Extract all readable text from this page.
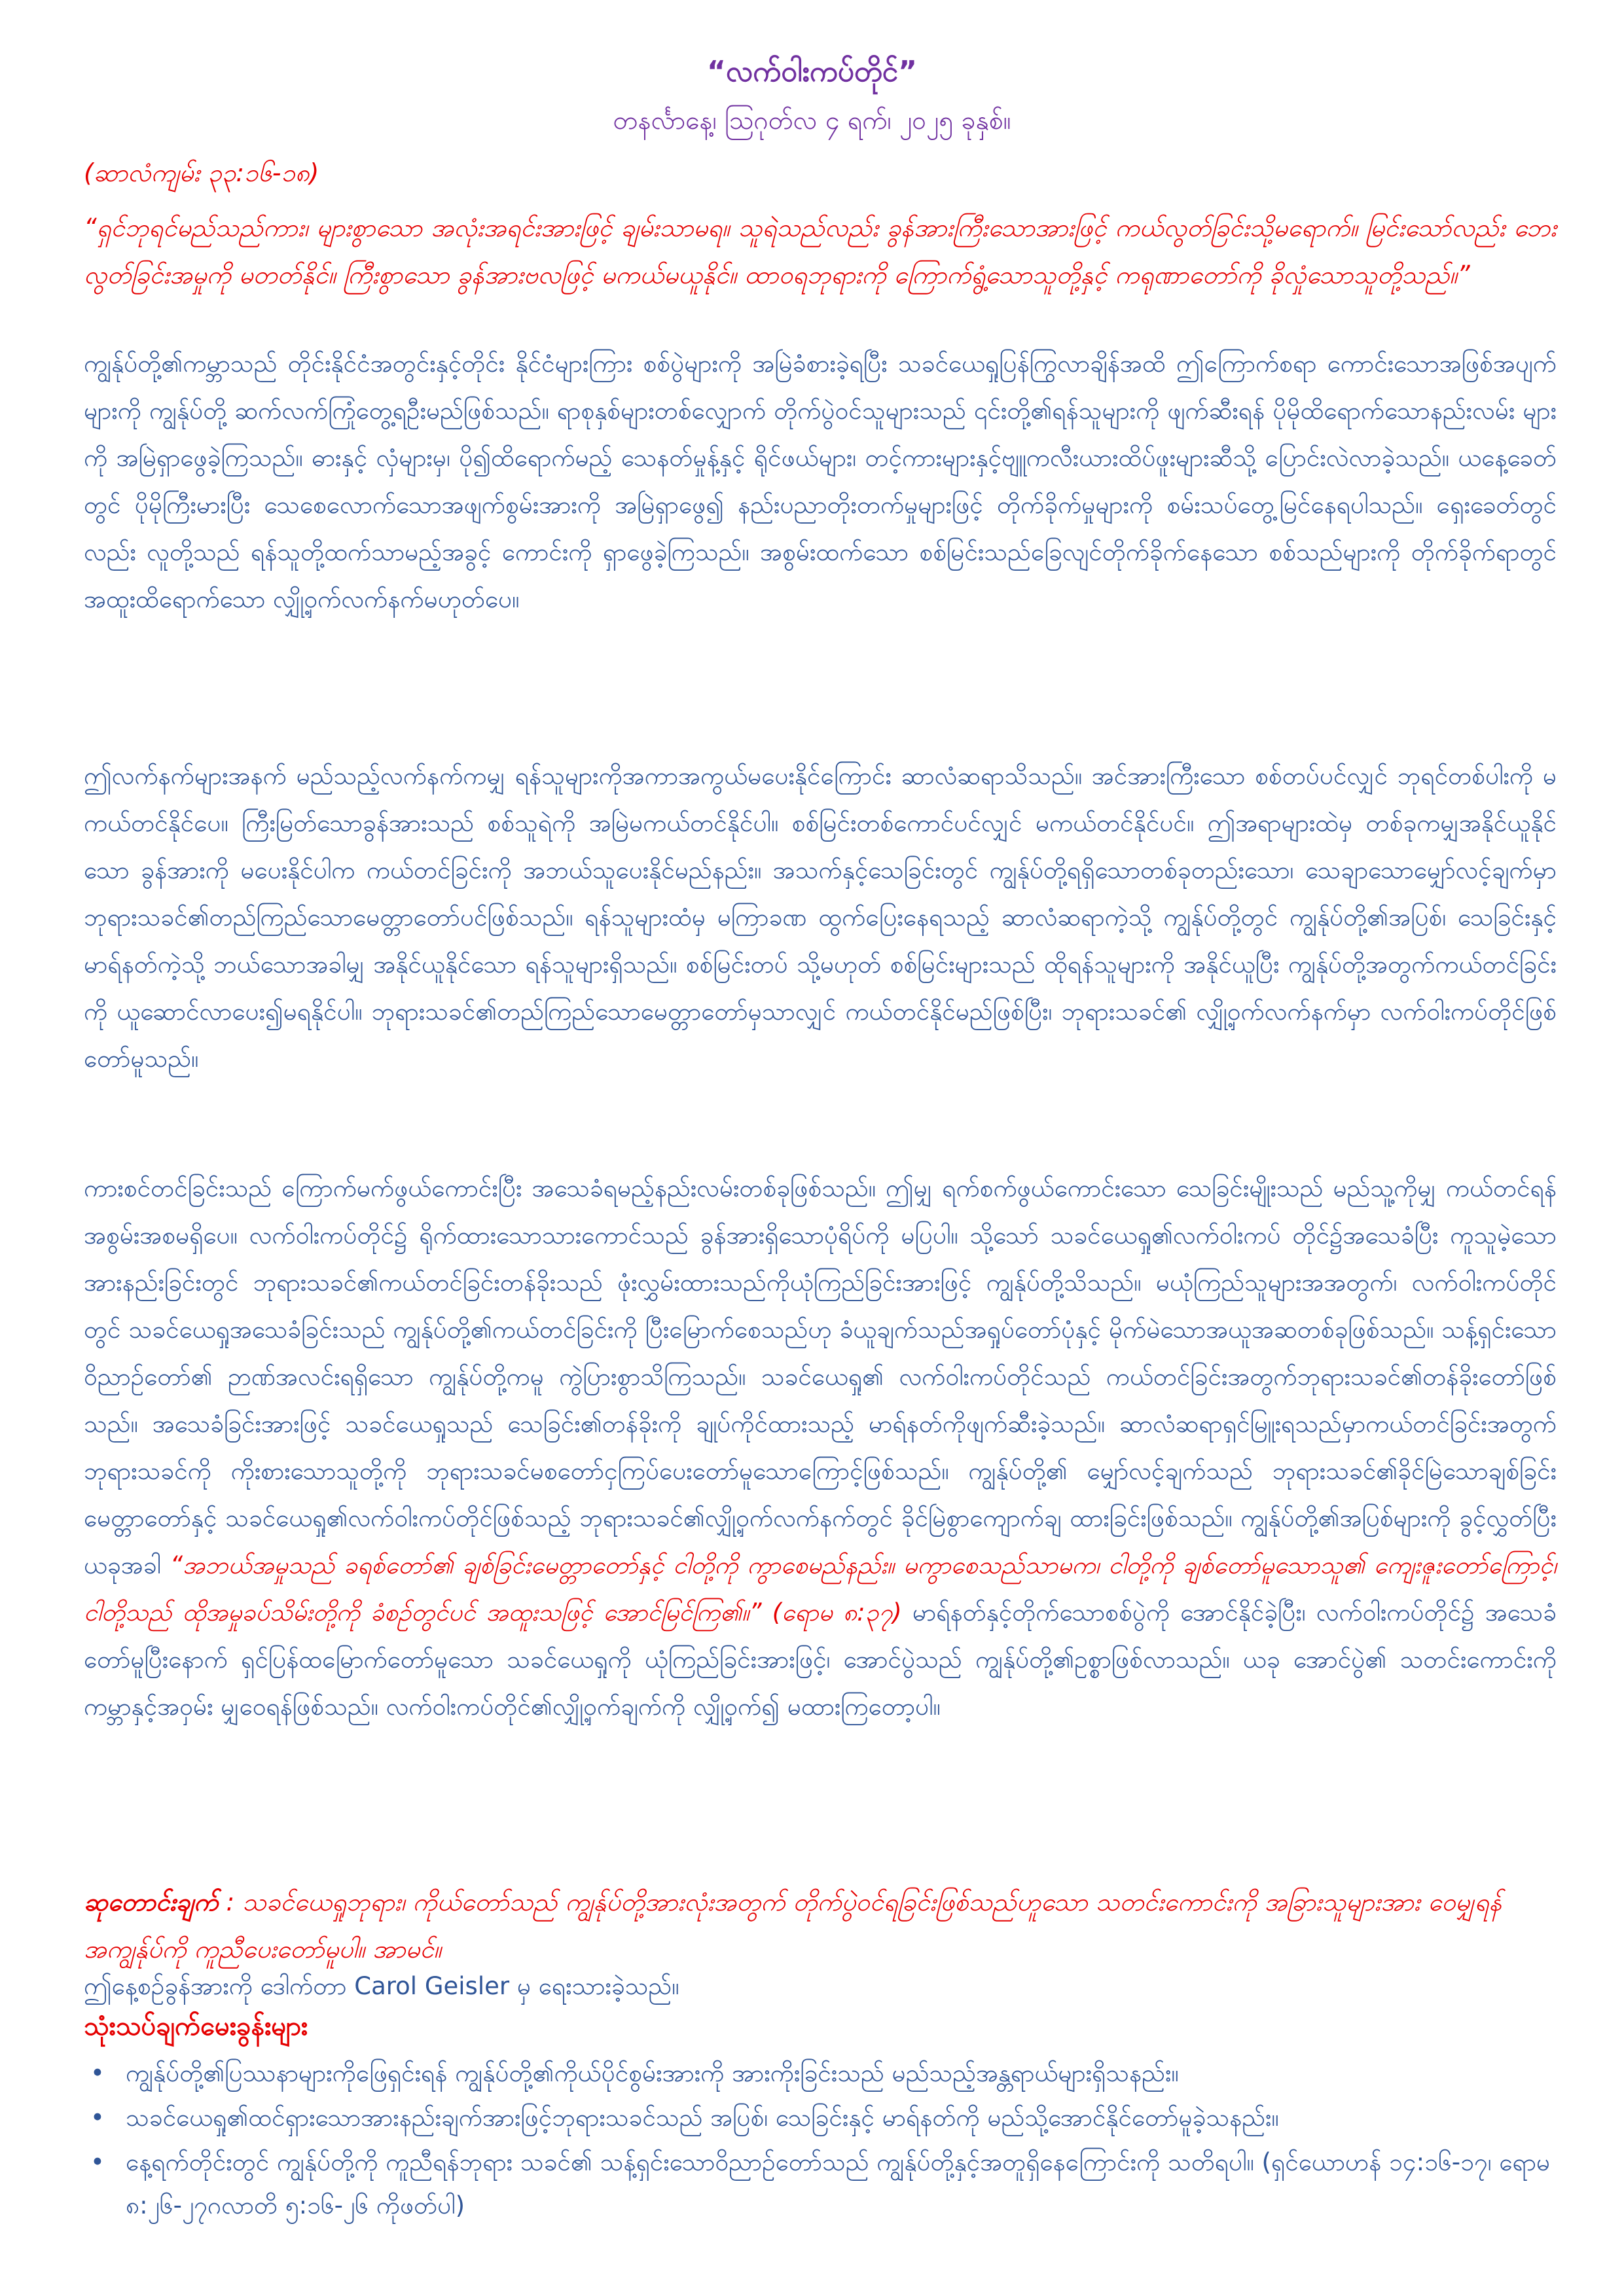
“လက်ဝါးကပ်တိုင်”
တနင်္လာနေ့၊ ဩဂုတ်လ ၄ ရက်၊ ၂၀၂၅ ခုနှစ်။
(ဆာလံကျမ်း ၃၃:၁၆-၁၈)
“ရှင်ဘုရင်မည်သည်ကား၊ များစွာသော အလုံးအရင်းအားဖြင့် ချမ်းသာမရ။ သူရဲသည်လည်း ခွန်အားကြီးသောအားဖြင့် ကယ်လွတ်ခြင်းသို့မရောက်။ မြင်းသော်လည်း ဘေးလွတ်ခြင်းအမှုကို မတတ်နိုင်။ ကြီးစွာသော ခွန်အားဗလဖြင့် မကယ်မယူနိုင်။ ထာဝရဘုရားကို ကြောက်ရွံ့သောသူတို့နှင့် ကရုဏာတော်ကို ခိုလှုံသောသူတို့သည်။”
ကျွန်ုပ်တို့၏ကမ္ဘာသည် တိုင်းနိုင်ငံအတွင်းနှင့်တိုင်း နိုင်ငံများကြား စစ်ပွဲများကို အမြဲခံစားခဲ့ရပြီး သခင်ယေရှုပြန်ကြွလာချိန်အထိ ဤကြောက်စရာ ကောင်းသောအဖြစ်အပျက်များကို ကျွန်ုပ်တို့ ဆက်လက်ကြုံတွေ့ရဦးမည်ဖြစ်သည်။ ရာစုနှစ်များတစ်လျှောက် တိုက်ပွဲဝင်သူများသည် ၎င်းတို့၏ရန်သူများကို ဖျက်ဆီးရန် ပိုမိုထိရောက်သောနည်းလမ်း များကို အမြဲရှာဖွေခဲ့ကြသည်။ ဓားနှင့် လှံများမှ၊ ပို၍ထိရောက်မည့် သေနတ်မှုန့်နှင့် ရိုင်ဖယ်များ၊ တင့်ကားများနှင့်ဗျူကလီးယားထိပ်ဖူးများဆီသို့ ပြောင်းလဲလာခဲ့သည်။ ယနေ့ခေတ်တွင် ပိုမိုကြီးမားပြီး သေစေလောက်သောအဖျက်စွမ်းအားကို အမြဲရှာဖွေ၍ နည်းပညာတိုးတက်မှုများဖြင့် တိုက်ခိုက်မှုများကို စမ်းသပ်တွေ့မြင်နေရပါသည်။ ရှေးခေတ်တွင်လည်း လူတို့သည် ရန်သူတို့ထက်သာမည့်အခွင့် ကောင်းကို ရှာဖွေခဲ့ကြသည်။ အစွမ်းထက်သော စစ်မြင်းသည်ခြေလျင်တိုက်ခိုက်နေသော စစ်သည်များကို တိုက်ခိုက်ရာတွင် အထူးထိရောက်သော လျှို့ဝှက်လက်နက်မဟုတ်ပေ။
ဤလက်နက်များအနက် မည်သည့်လက်နက်ကမျှ ရန်သူများကိုအကာအကွယ်မပေးနိုင်ကြောင်း ဆာလံဆရာသိသည်။ အင်အားကြီးသော စစ်တပ်ပင်လျှင် ဘုရင်တစ်ပါးကို မကယ်တင်နိုင်ပေ။ ကြီးမြတ်သောခွန်အားသည် စစ်သူရဲကို အမြဲမကယ်တင်နိုင်ပါ။ စစ်မြင်းတစ်ကောင်ပင်လျှင် မကယ်တင်နိုင်ပင်။ ဤအရာများထဲမှ တစ်ခုကမျှအနိုင်ယူနိုင်သော ခွန်အားကို မပေးနိုင်ပါက ကယ်တင်ခြင်းကို အဘယ်သူပေးနိုင်မည်နည်း။ အသက်နှင့်သေခြင်းတွင် ကျွန်ုပ်တို့ရရှိသောတစ်ခုတည်းသော၊ သေချာသောမျှော်လင့်ချက်မှာ ဘုရားသခင်၏တည်ကြည်သောမေတ္တာတော်ပင်ဖြစ်သည်။ ရန်သူများထံမှ မကြာခဏ ထွက်ပြေးနေရသည့် ဆာလံဆရာကဲ့သို့ ကျွန်ုပ်တို့တွင် ကျွန်ုပ်တို့၏အပြစ်၊ သေခြင်းနှင့် မာရ်နတ်ကဲ့သို့ ဘယ်သောအခါမျှ အနိုင်ယူနိုင်သော ရန်သူများရှိသည်။ စစ်မြင်းတပ် သို့မဟုတ် စစ်မြင်းများသည် ထိုရန်သူများကို အနိုင်ယူပြီး ကျွန်ုပ်တို့အတွက်ကယ်တင်ခြင်းကို ယူဆောင်လာပေး၍မရနိုင်ပါ။ ဘုရားသခင်၏တည်ကြည်သောမေတ္တာတော်မှသာလျှင် ကယ်တင်နိုင်မည်ဖြစ်ပြီး၊ ဘုရားသခင်၏ လျှို့ဝှက်လက်နက်မှာ လက်ဝါးကပ်တိုင်ဖြစ်တော်မူသည်။
ကားစင်တင်ခြင်းသည် ကြောက်မက်ဖွယ်ကောင်းပြီး အသေခံရမည့်နည်းလမ်းတစ်ခုဖြစ်သည်။ ဤမျှ ရက်စက်ဖွယ်ကောင်းသော သေခြင်းမျိုးသည် မည်သူ့ကိုမျှ ကယ်တင်ရန် အစွမ်းအစမရှိပေ။ လက်ဝါးကပ်တိုင်၌ ရိုက်ထားသောသားကောင်သည် ခွန်အားရှိသောပုံရိပ်ကို မပြပါ။ သို့သော် သခင်ယေရှု၏လက်ဝါးကပ် တိုင်၌အသေခံပြီး ကူသူမဲ့သောအားနည်းခြင်းတွင် ဘုရားသခင်၏ကယ်တင်ခြင်းတန်ခိုးသည် ဖုံးလွှမ်းထားသည်ကိုယုံကြည်ခြင်းအားဖြင့် ကျွန်ုပ်တို့သိသည်။ မယုံကြည်သူများအအတွက်၊ လက်ဝါးကပ်တိုင်တွင် သခင်ယေရှုအသေခံခြင်းသည် ကျွန်ုပ်တို့၏ကယ်တင်ခြင်းကို ပြီးမြောက်စေသည်ဟု ခံယူချက်သည်အရှုပ်တော်ပုံနှင့် မိုက်မဲသောအယူအဆတစ်ခုဖြစ်သည်။ သန့်ရှင်းသောဝိညာဉ်တော်၏ ဉာဏ်အလင်းရရှိသော ကျွန်ုပ်တို့ကမူ ကွဲပြားစွာသိကြသည်။ သခင်ယေရှု၏ လက်ဝါးကပ်တိုင်သည် ကယ်တင်ခြင်းအတွက်ဘုရားသခင်၏တန်ခိုးတော်ဖြစ်သည်။ အသေခံခြင်းအားဖြင့် သခင်ယေရှုသည် သေခြင်း၏တန်ခိုးကို ချုပ်ကိုင်ထားသည့် မာရ်နတ်ကိုဖျက်ဆီးခဲ့သည်။ ဆာလံဆရာရှင်မြူးရသည်မှာကယ်တင်ခြင်းအတွက် ဘုရားသခင်ကို ကိုးစားသောသူတို့ကို ဘုရားသခင်မစတော်ငှကြပ်ပေးတော်မူသောကြောင့်ဖြစ်သည်။ ကျွန်ုပ်တို့၏ မျှော်လင့်ချက်သည် ဘုရားသခင်၏ခိုင်မြဲသောချစ်ခြင်းမေတ္တာတော်နှင့် သခင်ယေရှု၏လက်ဝါးကပ်တိုင်ဖြစ်သည့် ဘုရားသခင်၏လျှို့ဝှက်လက်နက်တွင် ခိုင်မြဲစွာကျောက်ချ ထားခြင်းဖြစ်သည်။ ကျွန်ုပ်တို့၏အပြစ်များကို ခွင့်လွှတ်ပြီး ယခုအခါ “အဘယ်အမှုသည် ခရစ်တော်၏ ချစ်ခြင်းမေတ္တာတော်နှင့် ငါတို့ကို ကွာစေမည်နည်း။ မကွာစေသည်သာမက၊ ငါတို့ကို ချစ်တော်မူသောသူ၏ ကျေးဇူးတော်ကြောင့်၊ ငါတို့သည် ထိုအမှုခပ်သိမ်းတို့ကို ခံစဉ်တွင်ပင် အထူးသဖြင့် အောင်မြင်ကြ၏။” (ရောမ ၈:၃၇) မာရ်နတ်နှင့်တိုက်သောစစ်ပွဲကို အောင်နိုင်ခဲ့ပြီး၊ လက်ဝါးကပ်တိုင်၌ အသေခံတော်မူပြီးနောက် ရှင်ပြန်ထမြောက်တော်မူသော သခင်ယေရှုကို ယုံကြည်ခြင်းအားဖြင့်၊ အောင်ပွဲသည် ကျွန်ုပ်တို့၏ဥစ္စာဖြစ်လာသည်။ ယခု အောင်ပွဲ၏ သတင်းကောင်းကို ကမ္ဘာနှင့်အဝှမ်း မျှဝေရန်ဖြစ်သည်။ လက်ဝါးကပ်တိုင်၏လျှို့ဝှက်ချက်ကို လျှို့ဝှက်၍ မထားကြတော့ပါ။
ဆုတောင်းချက် : သခင်ယေရှုဘုရား၊ ကိုယ်တော်သည် ကျွန်ုပ်တို့အားလုံးအတွက် တိုက်ပွဲဝင်ရခြင်းဖြစ်သည်ဟူသော သတင်းကောင်းကို အခြားသူများအား ဝေမျှရန် အကျွန်ုပ်ကို ကူညီပေးတော်မူပါ။ အာမင်။
ဤနေ့စဉ်ခွန်အားကို ဒေါက်တာ Carol Geisler မှ ရေးသားခဲ့သည်။
သုံးသပ်ချက်မေးခွန်းများ
• ကျွန်ုပ်တို့၏ပြဿနာများကိုဖြေရှင်းရန် ကျွန်ုပ်တို့၏ကိုယ်ပိုင်စွမ်းအားကို အားကိုးခြင်းသည် မည်သည့်အန္တရာယ်များရှိသနည်း။
• သခင်ယေရှု၏ထင်ရှားသောအားနည်းချက်အားဖြင့်ဘုရားသခင်သည် အပြစ်၊ သေခြင်းနှင့် မာရ်နတ်ကို မည်သို့အောင်နိုင်တော်မူခဲ့သနည်း။
• နေ့ရက်တိုင်းတွင် ကျွန်ုပ်တို့ကို ကူညီရန်ဘုရား သခင်၏ သန့်ရှင်းသောဝိညာဉ်တော်သည် ကျွန်ုပ်တို့နှင့်အတူရှိနေကြောင်းကို သတိရပါ။ (ရှင်ယောဟန် ၁၄:၁၆-၁၇၊ ရောမ ၈:၂၆-၂၇ဂလာတိ ၅:၁၆-၂၆ ကိုဖတ်ပါ)
